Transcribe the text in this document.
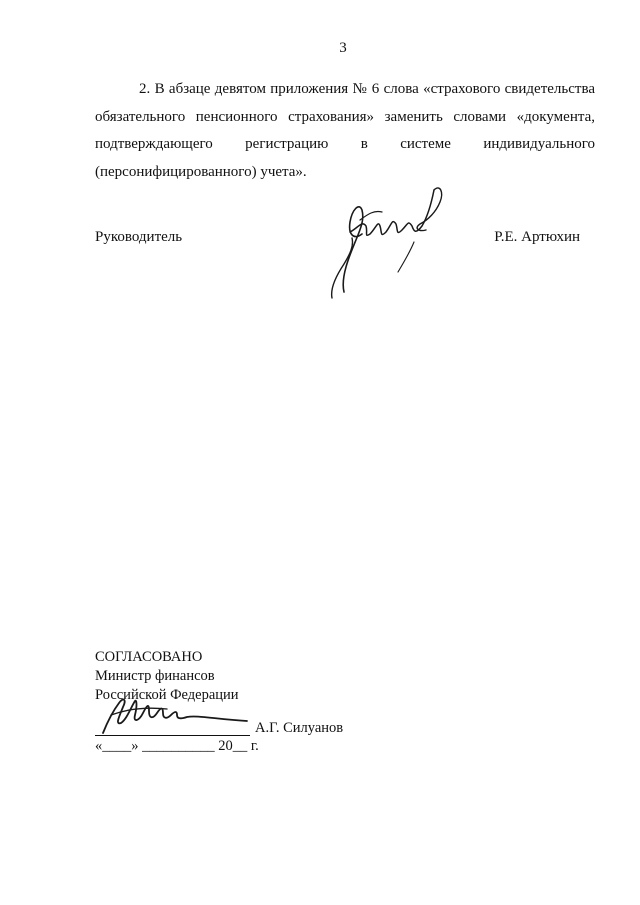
3

2. В абзаце девятом приложения № 6 слова «страхового свидетельства обязательного пенсионного страхования» заменить словами «документа, подтверждающего регистрацию в системе индивидуального (персонифицированного) учета».

Руководитель	Р.Е. Артюхин
СОГЛАСОВАНО
Министр финансов
Российской Федерации
А.Г. Силуанов
«____» __________ 20__ г.
